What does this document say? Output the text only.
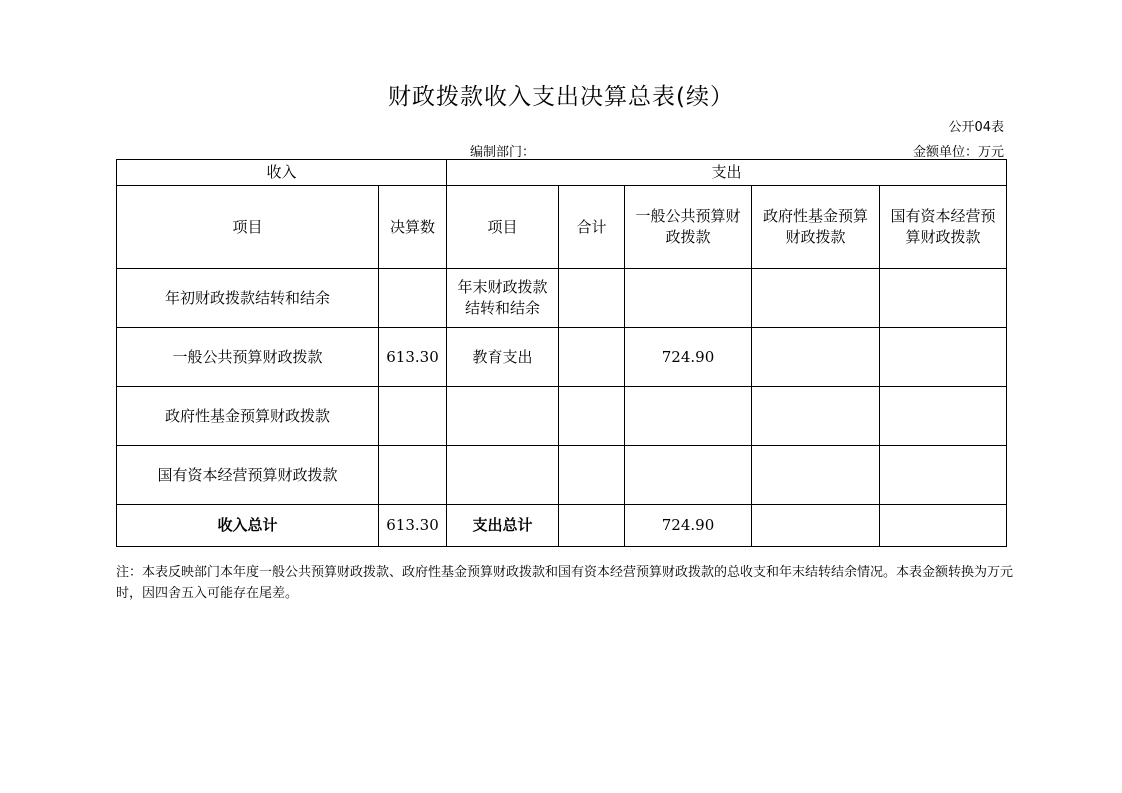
财政拨款收入支出决算总表(续）
公开04表
编制部门：	金额单位：万元
收入		支出				
项目	决算数	项目	合计	一般公共预算财政拨款	政府性基金预算财政拨款	国有资本经营预算财政拨款
年初财政拨款结转和结余		年末财政拨款结转和结余				
一般公共预算财政拨款	613.30	教育支出		724.90		
政府性基金预算财政拨款						
国有资本经营预算财政拨款						
收入总计	613.30	支出总计		724.90		
注：本表反映部门本年度一般公共预算财政拨款、政府性基金预算财政拨款和国有资本经营预算财政拨款的总收支和年末结转结余情况。本表金额转换为万元时，因四舍五入可能存在尾差。
